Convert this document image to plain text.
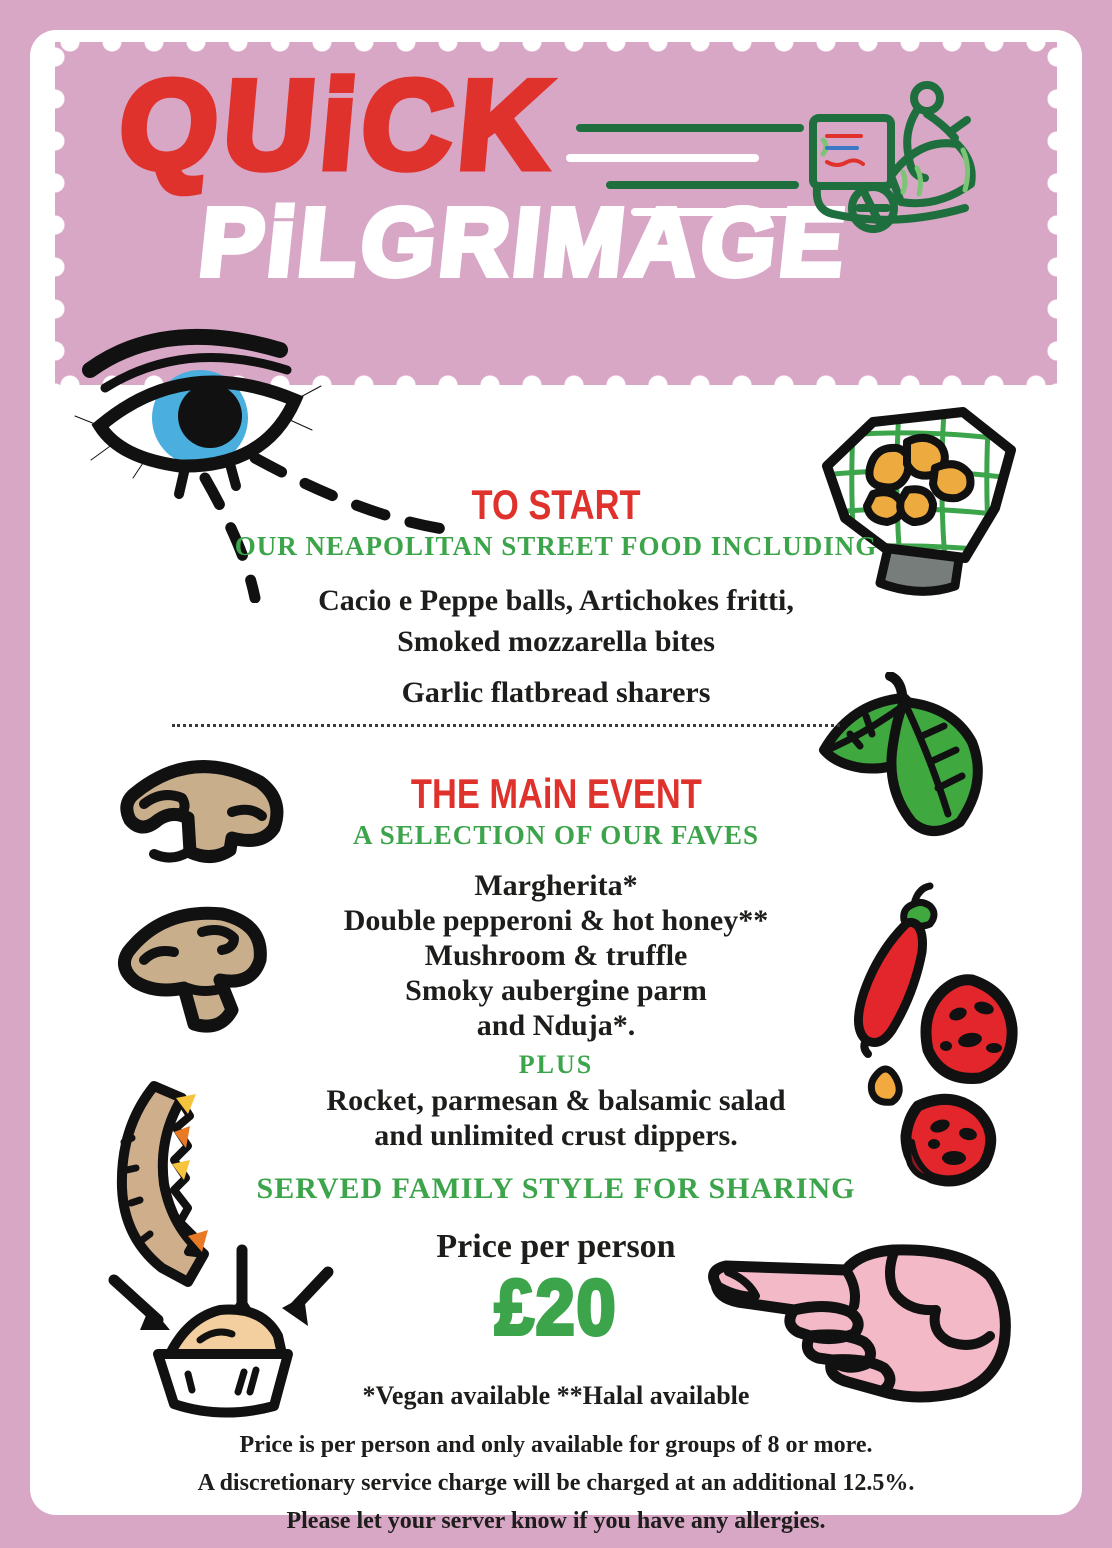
QUiCK
PiLGRIMAGE
TO START
OUR NEAPOLITAN STREET FOOD INCLUDING
Cacio e Peppe balls, Artichokes fritti,
Smoked mozzarella bites
Garlic flatbread sharers
THE MAiN EVENT
A SELECTION OF OUR FAVES
Margherita*
Double pepperoni & hot honey**
Mushroom & truffle
Smoky aubergine parm
and Nduja*.
PLUS
Rocket, parmesan & balsamic salad
and unlimited crust dippers.
SERVED FAMILY STYLE FOR SHARING
Price per person
£20
*Vegan available **Halal available
Price is per person and only available for groups of 8 or more.
A discretionary service charge will be charged at an additional 12.5%.
Please let your server know if you have any allergies.
